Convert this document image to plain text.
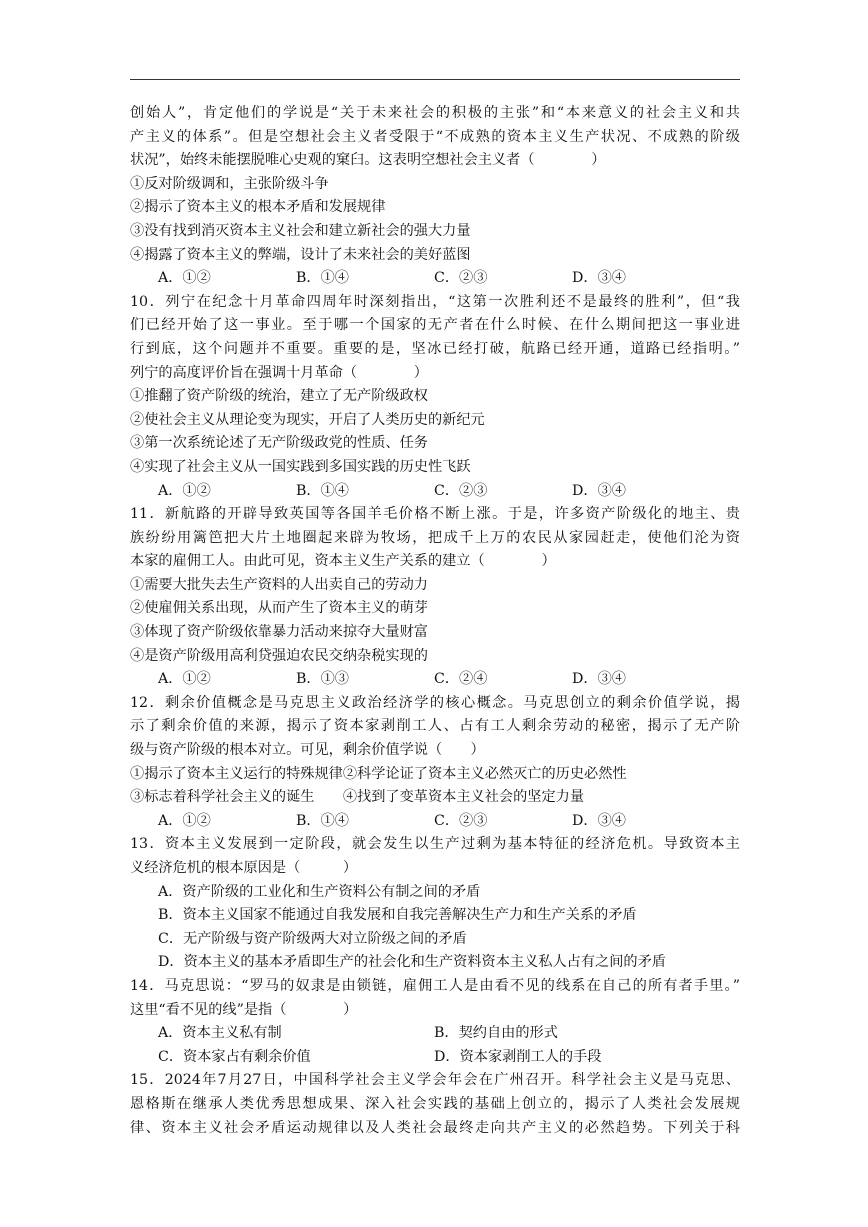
创始人”，肯定他们的学说是“关于未来社会的积极的主张”和“本来意义的社会主义和共
产主义的体系”。但是空想社会主义者受限于“不成熟的资本主义生产状况、不成熟的阶级
状况”，始终未能摆脱唯心史观的窠臼。这表明空想社会主义者（　　　　）
①反对阶级调和，主张阶级斗争
②揭示了资本主义的根本矛盾和发展规律
③没有找到消灭资本主义社会和建立新社会的强大力量
④揭露了资本主义的弊端，设计了未来社会的美好蓝图
A．①②	B．①④	C．②③	D．③④
10．列宁在纪念十月革命四周年时深刻指出，“这第一次胜利还不是最终的胜利”，但“我
们已经开始了这一事业。至于哪一个国家的无产者在什么时候、在什么期间把这一事业进
行到底，这个问题并不重要。重要的是，坚冰已经打破，航路已经开通，道路已经指明。”
列宁的高度评价旨在强调十月革命（　　　　）
①推翻了资产阶级的统治，建立了无产阶级政权
②使社会主义从理论变为现实，开启了人类历史的新纪元
③第一次系统论述了无产阶级政党的性质、任务
④实现了社会主义从一国实践到多国实践的历史性飞跃
A．①②	B．①④	C．②③	D．③④
11．新航路的开辟导致英国等各国羊毛价格不断上涨。于是，许多资产阶级化的地主、贵
族纷纷用篱笆把大片土地圈起来辟为牧场，把成千上万的农民从家园赶走，使他们沦为资
本家的雇佣工人。由此可见，资本主义生产关系的建立（　　　　）
①需要大批失去生产资料的人出卖自己的劳动力
②使雇佣关系出现，从而产生了资本主义的萌芽
③体现了资产阶级依靠暴力活动来掠夺大量财富
④是资产阶级用高利贷强迫农民交纳杂税实现的
A．①②	B．①③	C．②④	D．③④
12．剩余价值概念是马克思主义政治经济学的核心概念。马克思创立的剩余价值学说，揭
示了剩余价值的来源，揭示了资本家剥削工人、占有工人剩余劳动的秘密，揭示了无产阶
级与资产阶级的根本对立。可见，剩余价值学说（　　）
①揭示了资本主义运行的特殊规律②科学论证了资本主义必然灭亡的历史必然性
③标志着科学社会主义的诞生　　④找到了变革资本主义社会的坚定力量
A．①②	B．①④	C．②③	D．③④
13．资本主义发展到一定阶段，就会发生以生产过剩为基本特征的经济危机。导致资本主
义经济危机的根本原因是（　　　）
A．资产阶级的工业化和生产资料公有制之间的矛盾
B．资本主义国家不能通过自我发展和自我完善解决生产力和生产关系的矛盾
C．无产阶级与资产阶级两大对立阶级之间的矛盾
D．资本主义的基本矛盾即生产的社会化和生产资料资本主义私人占有之间的矛盾
14．马克思说：“罗马的奴隶是由锁链，雇佣工人是由看不见的线系在自己的所有者手里。”
这里“看不见的线”是指（　　　　）
A．资本主义私有制	B．契约自由的形式
C．资本家占有剩余价值	D．资本家剥削工人的手段
15．2024年7月27日，中国科学社会主义学会年会在广州召开。科学社会主义是马克思、
恩格斯在继承人类优秀思想成果、深入社会实践的基础上创立的，揭示了人类社会发展规
律、资本主义社会矛盾运动规律以及人类社会最终走向共产主义的必然趋势。下列关于科
